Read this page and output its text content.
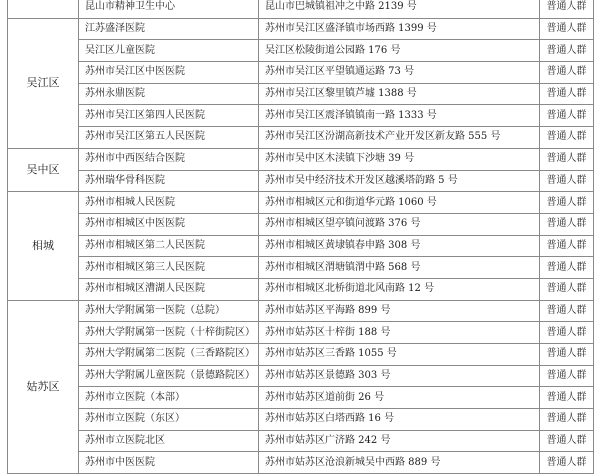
	昆山市精神卫生中心	昆山市巴城镇祖冲之中路 2139 号	普通人群
吴江区	江苏盛泽医院	苏州市吴江区盛泽镇市场西路 1399 号	普通人群
	吴江区儿童医院	吴江区松陵街道公园路 176 号	普通人群
	苏州市吴江区中医医院	苏州市吴江区平望镇通运路 73 号	普通人群
	苏州永鼎医院	苏州市吴江区黎里镇芦墟 1388 号	普通人群
	苏州市吴江区第四人民医院	苏州市吴江区震泽镇镇南一路 1333 号	普通人群
	苏州市吴江区第五人民医院	苏州市吴江区汾湖高新技术产业开发区新友路 555 号	普通人群
吴中区	苏州市中西医结合医院	苏州市吴中区木渎镇下沙塘 39 号	普通人群
	苏州瑞华骨科医院	苏州市吴中经济技术开发区越溪塔韵路 5 号	普通人群
相城	苏州市相城人民医院	苏州市相城区元和街道华元路 1060 号	普通人群
	苏州市相城区中医医院	苏州市相城区望亭镇问渡路 376 号	普通人群
	苏州市相城区第二人民医院	苏州市相城区黄埭镇春申路 308 号	普通人群
	苏州市相城区第三人民医院	苏州市相城区渭塘镇渭中路 568 号	普通人群
	苏州市相城区漕湖人民医院	苏州市相城区北桥街道北风南路 12 号	普通人群
姑苏区	苏州大学附属第一医院（总院）	苏州市姑苏区平海路 899 号	普通人群
	苏州大学附属第一医院（十梓街院区）	苏州市姑苏区十梓街 188 号	普通人群
	苏州大学附属第二医院（三香路院区）	苏州市姑苏区三香路 1055 号	普通人群
	苏州大学附属儿童医院（景德路院区）	苏州市姑苏区景德路 303 号	普通人群
	苏州市立医院（本部）	苏州市姑苏区道前街 26 号	普通人群
	苏州市立医院（东区）	苏州市姑苏区白塔西路 16 号	普通人群
	苏州市立医院北区	苏州市姑苏区广济路 242 号	普通人群
	苏州市中医医院	苏州市姑苏区沧浪新城吴中西路 889 号	普通人群
